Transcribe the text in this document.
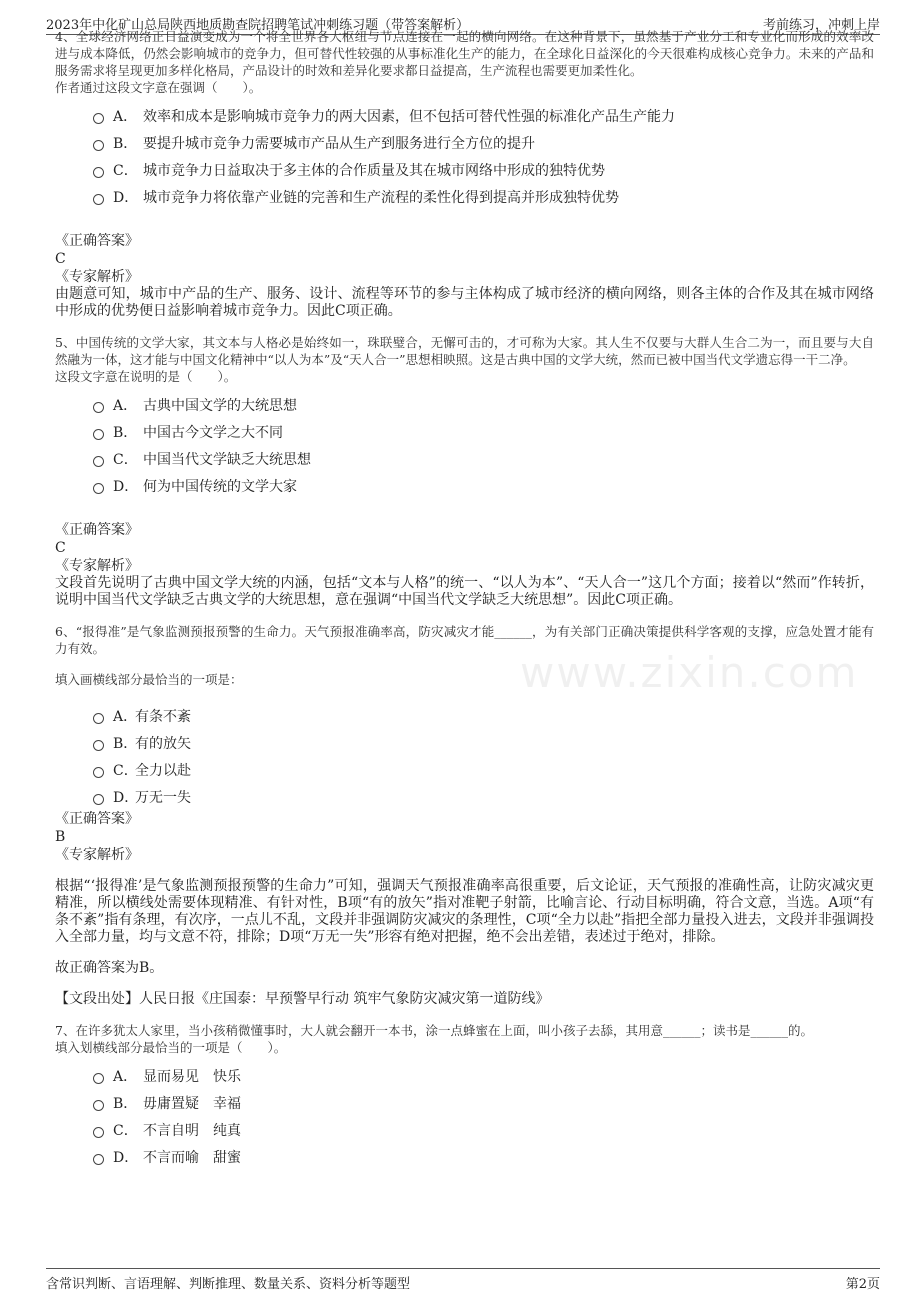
2023年中化矿山总局陕西地质勘查院招聘笔试冲刺练习题（带答案解析）	考前练习，冲刺上岸
www.zixin.com

4、全球经济网络正日益演变成为一个将全世界各大枢纽与节点连接在一起的横向网络。在这种背景下，虽然基于产业分工和专业化而形成的效率改进与成本降低，仍然会影响城市的竞争力，但可替代性较强的从事标准化生产的能力，在全球化日益深化的今天很难构成核心竞争力。未来的产品和服务需求将呈现更加多样化格局，产品设计的时效和差异化要求都日益提高，生产流程也需要更加柔性化。

作者通过这段文字意在强调（　　）。

A． 效率和成本是影响城市竞争力的两大因素，但不包括可替代性强的标准化产品生产能力
B． 要提升城市竞争力需要城市产品从生产到服务进行全方位的提升
C． 城市竞争力日益取决于多主体的合作质量及其在城市网络中形成的独特优势
D． 城市竞争力将依靠产业链的完善和生产流程的柔性化得到提高并形成独特优势

《正确答案》

C

《专家解析》

由题意可知，城市中产品的生产、服务、设计、流程等环节的参与主体构成了城市经济的横向网络，则各主体的合作及其在城市网络中形成的优势便日益影响着城市竞争力。因此C项正确。

5、中国传统的文学大家，其文本与人格必是始终如一，珠联璧合，无懈可击的，才可称为大家。其人生不仅要与大群人生合二为一，而且要与大自然融为一体，这才能与中国文化精神中“以人为本”及“天人合一”思想相映照。这是古典中国的文学大统，然而已被中国当代文学遗忘得一干二净。

这段文字意在说明的是（　　）。

A． 古典中国文学的大统思想
B． 中国古今文学之大不同
C． 中国当代文学缺乏大统思想
D． 何为中国传统的文学大家

《正确答案》

C

《专家解析》

文段首先说明了古典中国文学大统的内涵，包括“文本与人格”的统一、“以人为本”、“天人合一”这几个方面；接着以“然而”作转折，说明中国当代文学缺乏古典文学的大统思想，意在强调“中国当代文学缺乏大统思想”。因此C项正确。

6、“报得准”是气象监测预报预警的生命力。天气预报准确率高，防灾减灾才能______，为有关部门正确决策提供科学客观的支撑，应急处置才能有力有效。

填入画横线部分最恰当的一项是：

A．
有条不紊
B．
有的放矢
C．
全力以赴
D．
万无一失

《正确答案》

B

《专家解析》

根据“‘报得准’是气象监测预报预警的生命力”可知，强调天气预报准确率高很重要，后文论证，天气预报的准确性高，让防灾减灾更精准，所以横线处需要体现精准、有针对性，B项“有的放矢”指对准靶子射箭，比喻言论、行动目标明确，符合文意，当选。A项“有条不紊”指有条理，有次序，一点儿不乱，文段并非强调防灾减灾的条理性，C项“全力以赴”指把全部力量投入进去，文段并非强调投入全部力量，均与文意不符，排除；D项“万无一失”形容有绝对把握，绝不会出差错，表述过于绝对，排除。

故正确答案为B。

【文段出处】人民日报《庄国泰：早预警早行动 筑牢气象防灾减灾第一道防线》

7、在许多犹太人家里，当小孩稍微懂事时，大人就会翻开一本书，涂一点蜂蜜在上面，叫小孩子去舔，其用意______；读书是______的。

填入划横线部分最恰当的一项是（　　）。

A． 显而易见　快乐
B． 毋庸置疑　幸福
C． 不言自明　纯真
D． 不言而喻　甜蜜
含常识判断、言语理解、判断推理、数量关系、资料分析等题型	第2页
